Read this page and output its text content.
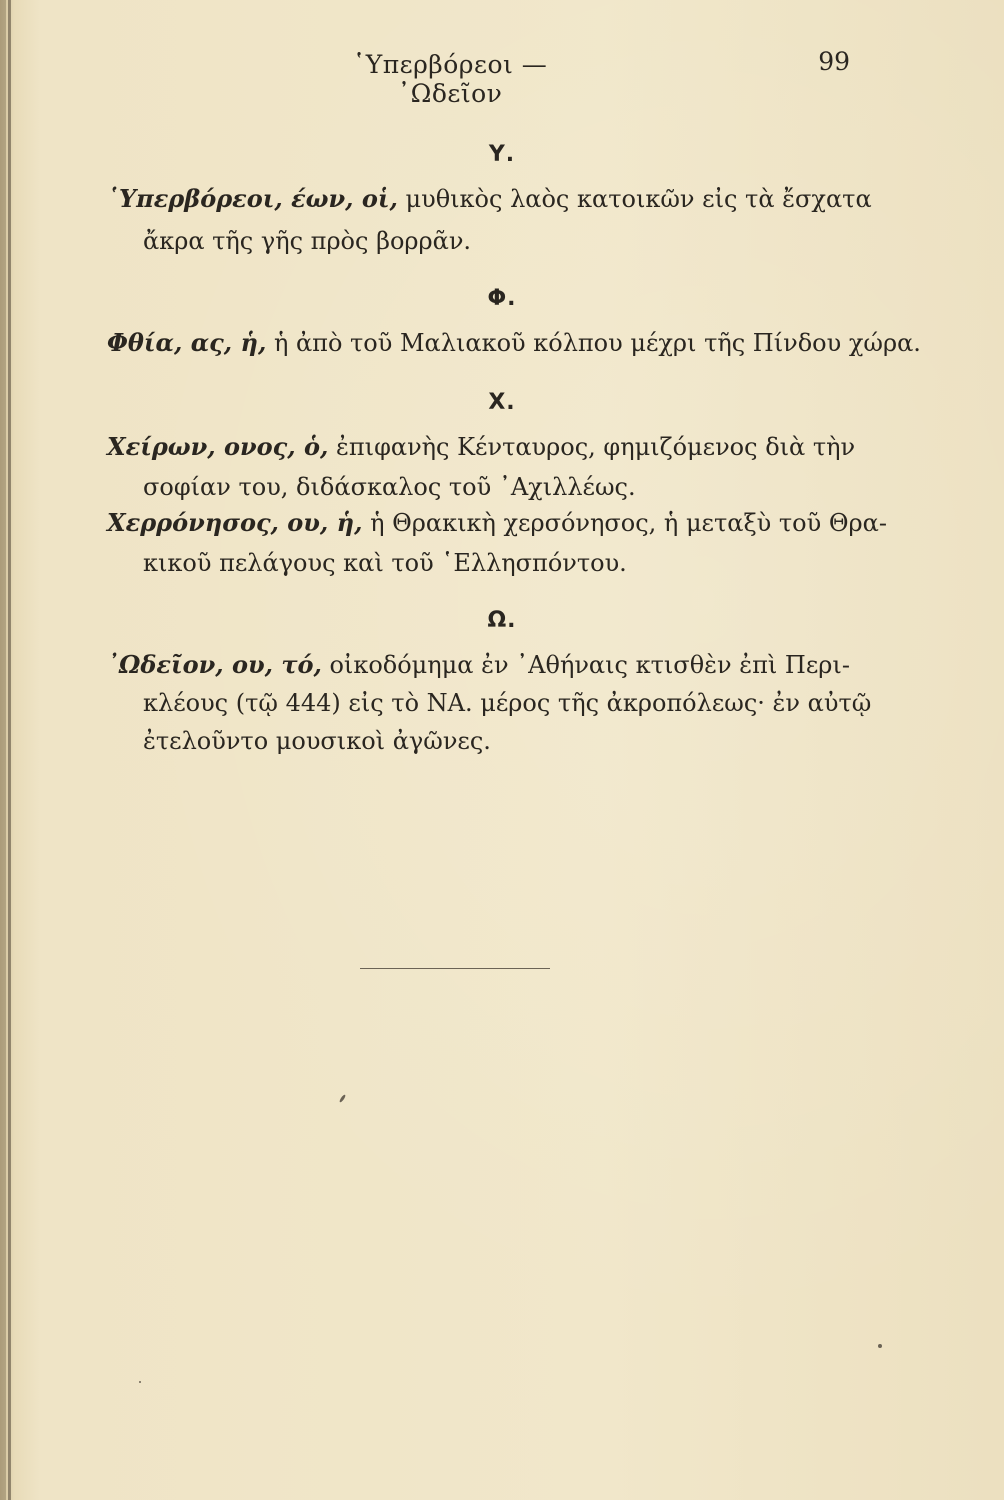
῾Υπερβόρεοι — ᾿Ωδεῖον
99
Υ.
῾Υπερβόρεοι, έων, οἱ, μυθικὸς λαὸς κατοικῶν εἰς τὰ ἔσχατα
ἄκρα τῆς γῆς πρὸς βορρᾶν.
Φ.
Φθία, ας, ἡ, ἡ ἀπὸ τοῦ Μαλιακοῦ κόλπου μέχρι τῆς Πίνδου χώρα.
Χ.
Χείρων, ονος, ὁ, ἐπιφανὴς Κένταυρος, φημιζόμενος διὰ τὴν
σοφίαν του, διδάσκαλος τοῦ ᾿Αχιλλέως.
Χερρόνησος, ου, ἡ, ἡ Θρακικὴ χερσόνησος, ἡ μεταξὺ τοῦ Θρα-
κικοῦ πελάγους καὶ τοῦ ῾Ελλησπόντου.
Ω.
᾿Ωδεῖον, ου, τό, οἰκοδόμημα ἐν ᾿Αθήναις κτισθὲν ἐπὶ Περι-
κλέους (τῷ 444) εἰς τὸ ΝΑ. μέρος τῆς ἀκροπόλεως· ἐν αὐτῷ
ἐτελοῦντο μουσικοὶ ἀγῶνες.
